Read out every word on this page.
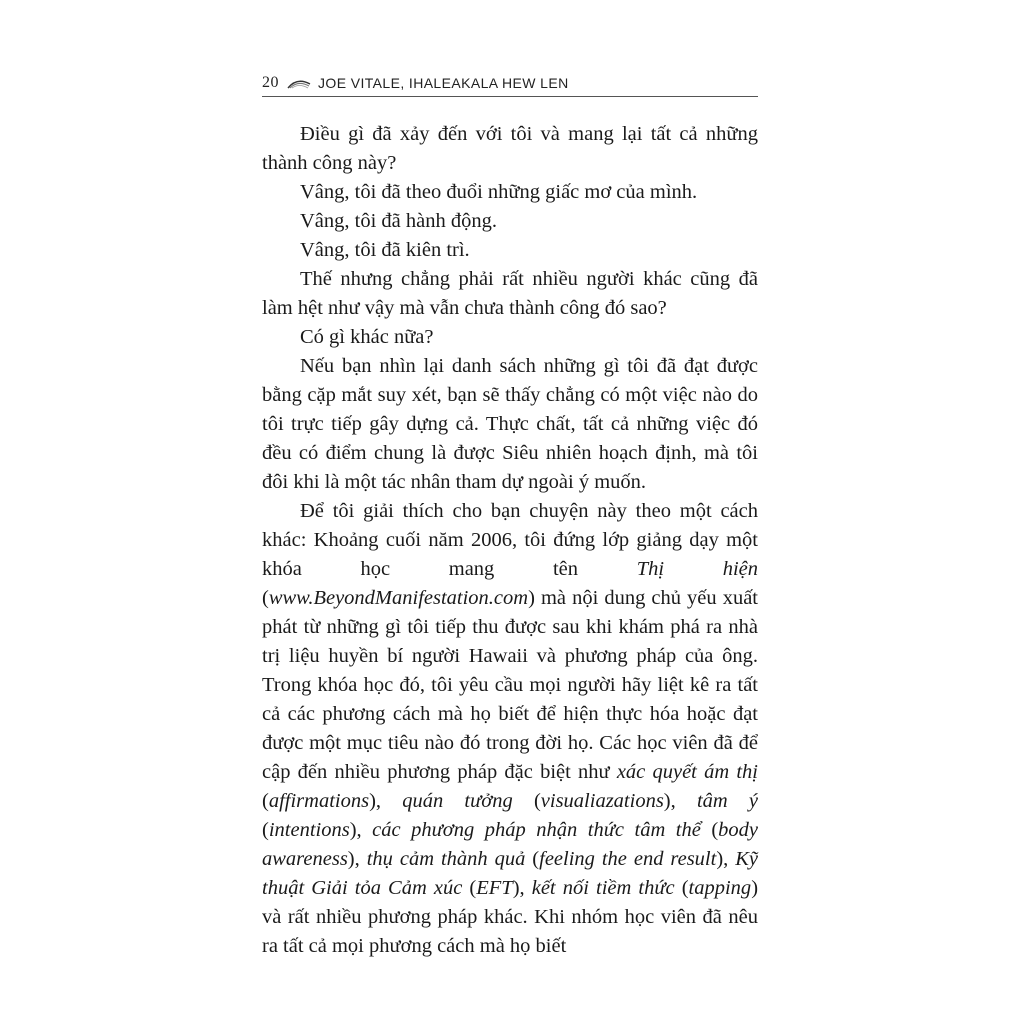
20	JOE VITALE, IHALEAKALA HEW LEN

Điều gì đã xảy đến với tôi và mang lại tất cả những thành công này?

Vâng, tôi đã theo đuổi những giấc mơ của mình.

Vâng, tôi đã hành động.

Vâng, tôi đã kiên trì.

Thế nhưng chẳng phải rất nhiều người khác cũng đã làm hệt như vậy mà vẫn chưa thành công đó sao?

Có gì khác nữa?

Nếu bạn nhìn lại danh sách những gì tôi đã đạt được bằng cặp mắt suy xét, bạn sẽ thấy chẳng có một việc nào do tôi trực tiếp gây dựng cả. Thực chất, tất cả những việc đó đều có điểm chung là được Siêu nhiên hoạch định, mà tôi đôi khi là một tác nhân tham dự ngoài ý muốn.

Để tôi giải thích cho bạn chuyện này theo một cách khác: Khoảng cuối năm 2006, tôi đứng lớp giảng dạy một khóa học mang tên Thị hiện (www.BeyondManifestation.com) mà nội dung chủ yếu xuất phát từ những gì tôi tiếp thu được sau khi khám phá ra nhà trị liệu huyền bí người Hawaii và phương pháp của ông. Trong khóa học đó, tôi yêu cầu mọi người hãy liệt kê ra tất cả các phương cách mà họ biết để hiện thực hóa hoặc đạt được một mục tiêu nào đó trong đời họ. Các học viên đã để cập đến nhiều phương pháp đặc biệt như xác quyết ám thị (affirmations), quán tưởng (visualiazations), tâm ý (intentions), các phương pháp nhận thức tâm thể (body awareness), thụ cảm thành quả (feeling the end result), Kỹ thuật Giải tỏa Cảm xúc (EFT), kết nối tiềm thức (tapping) và rất nhiều phương pháp khác. Khi nhóm học viên đã nêu ra tất cả mọi phương cách mà họ biết
